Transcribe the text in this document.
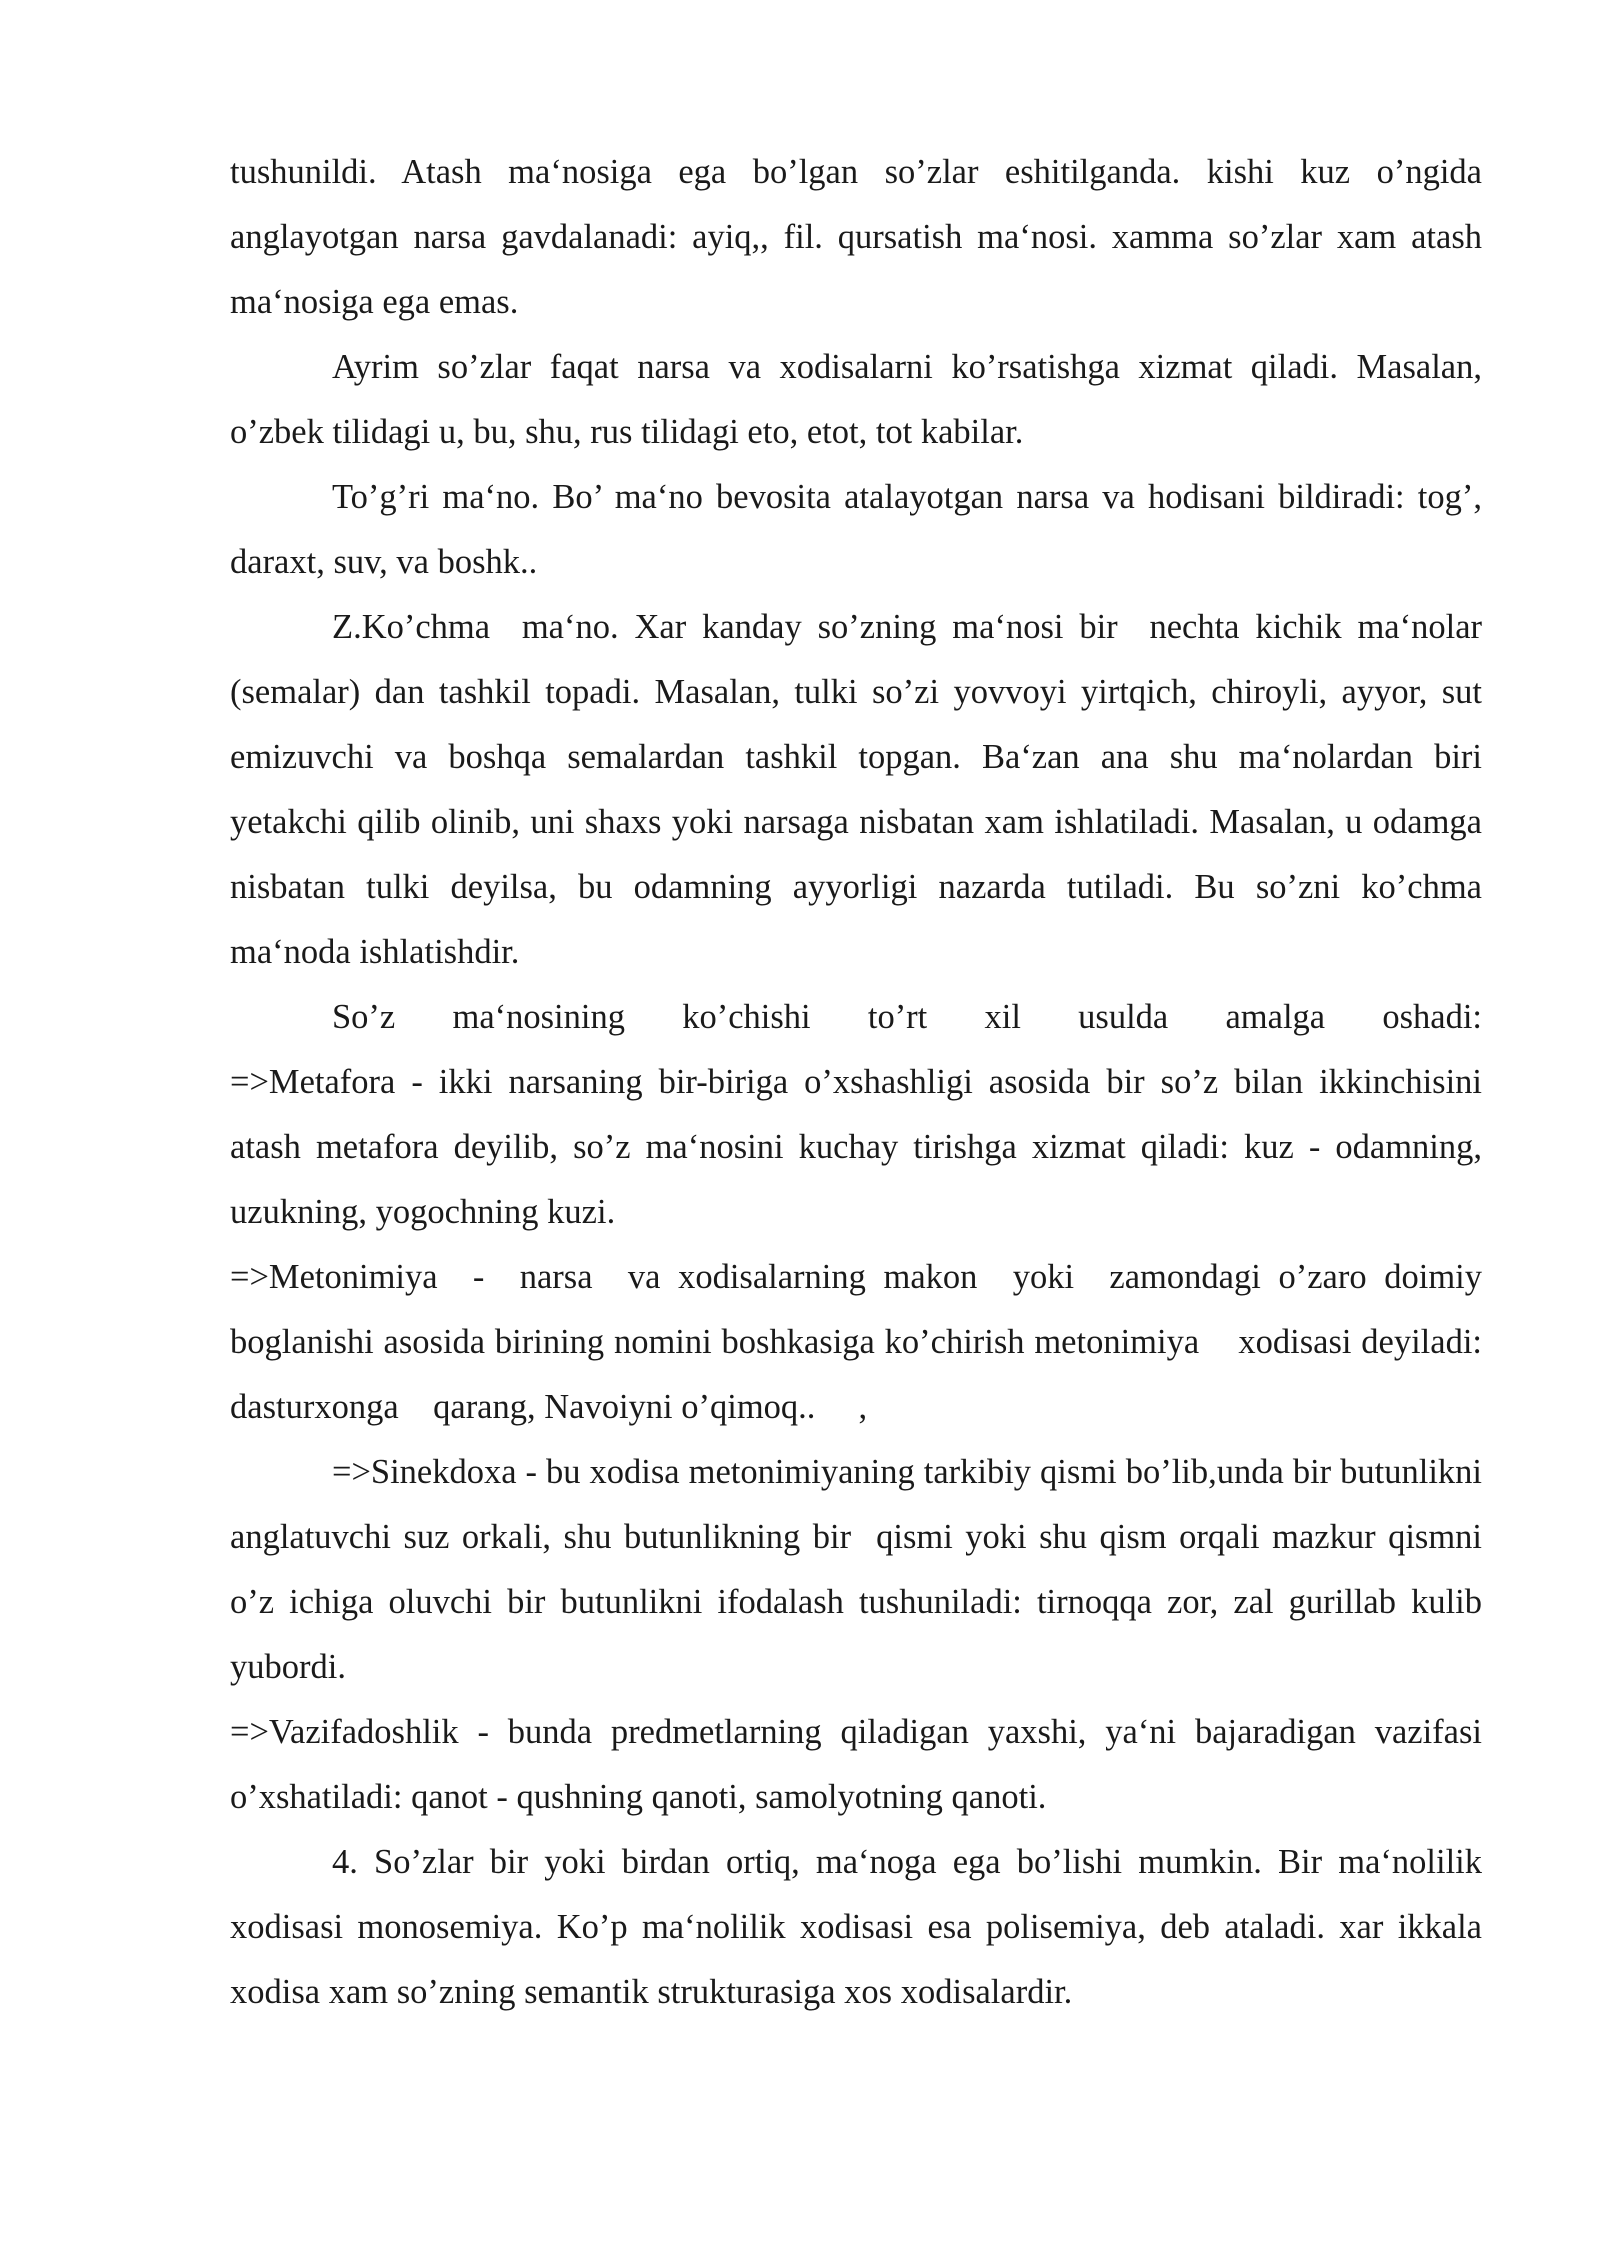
tushunildi. Atash ma‘nosiga ega bo’lgan so’zlar eshitilganda. kishi kuz o’ngida anglayotgan narsa gavdalanadi: ayiq,, fil. qursatish ma‘nosi. xamma so’zlar xam atash ma‘nosiga ega emas.

Ayrim so’zlar faqat narsa va xodisalarni ko’rsatishga xizmat qiladi. Masalan, o’zbek tilidagi u, bu, shu, rus tilidagi eto, etot, tot kabilar.

To’g’ri ma‘no. Bo’ ma‘no bevosita atalayotgan narsa va hodisani bildiradi: tog’, daraxt, suv, va boshk..

Z.Ko’chma  ma‘no. Xar kanday so’zning ma‘nosi bir  nechta kichik ma‘nolar (semalar) dan tashkil topadi. Masalan, tulki so’zi yovvoyi yirtqich, chiroyli, ayyor, sut emizuvchi va boshqa semalardan tashkil topgan. Ba‘zan ana shu ma‘nolardan biri yetakchi qilib olinib, uni shaxs yoki narsaga nisbatan xam ishlatiladi. Masalan, u odamga nisbatan tulki deyilsa, bu odamning ayyorligi nazarda tutiladi. Bu so’zni ko’chma ma‘noda ishlatishdir.

So’z ma‘nosining ko’chishi to’rt xil usulda amalga oshadi:
=>Metafora - ikki narsaning bir-biriga o’xshashligi asosida bir so’z bilan ikkinchisini atash metafora deyilib, so’z ma‘nosini kuchay tirishga xizmat qiladi: kuz - odamning, uzukning, yogochning kuzi.
=>Metonimiya  -  narsa  va xodisalarning makon  yoki  zamondagi o’zaro doimiy boglanishi asosida birining nomini boshkasiga ko’chirish metonimiya    xodisasi deyiladi:    dasturxonga    qarang, Navoiyni o’qimoq..     ,
=>Sinekdoxa - bu xodisa metonimiyaning tarkibiy qismi bo’lib,unda bir butunlikni anglatuvchi suz orkali, shu butunlikning bir  qismi yoki shu qism orqali mazkur qismni o’z ichiga oluvchi bir butunlikni ifodalash tushuniladi: tirnoqqa zor, zal gurillab kulib yubordi.
=>Vazifadoshlik - bunda predmetlarning qiladigan yaxshi, ya‘ni bajaradigan vazifasi o’xshatiladi: qanot - qushning qanoti, samolyotning qanoti.

4. So’zlar bir yoki birdan ortiq, ma‘noga ega bo’lishi mumkin. Bir ma‘nolilik xodisasi monosemiya. Ko’p ma‘nolilik xodisasi esa polisemiya, deb ataladi. xar ikkala xodisa xam so’zning semantik strukturasiga xos xodisalardir.
